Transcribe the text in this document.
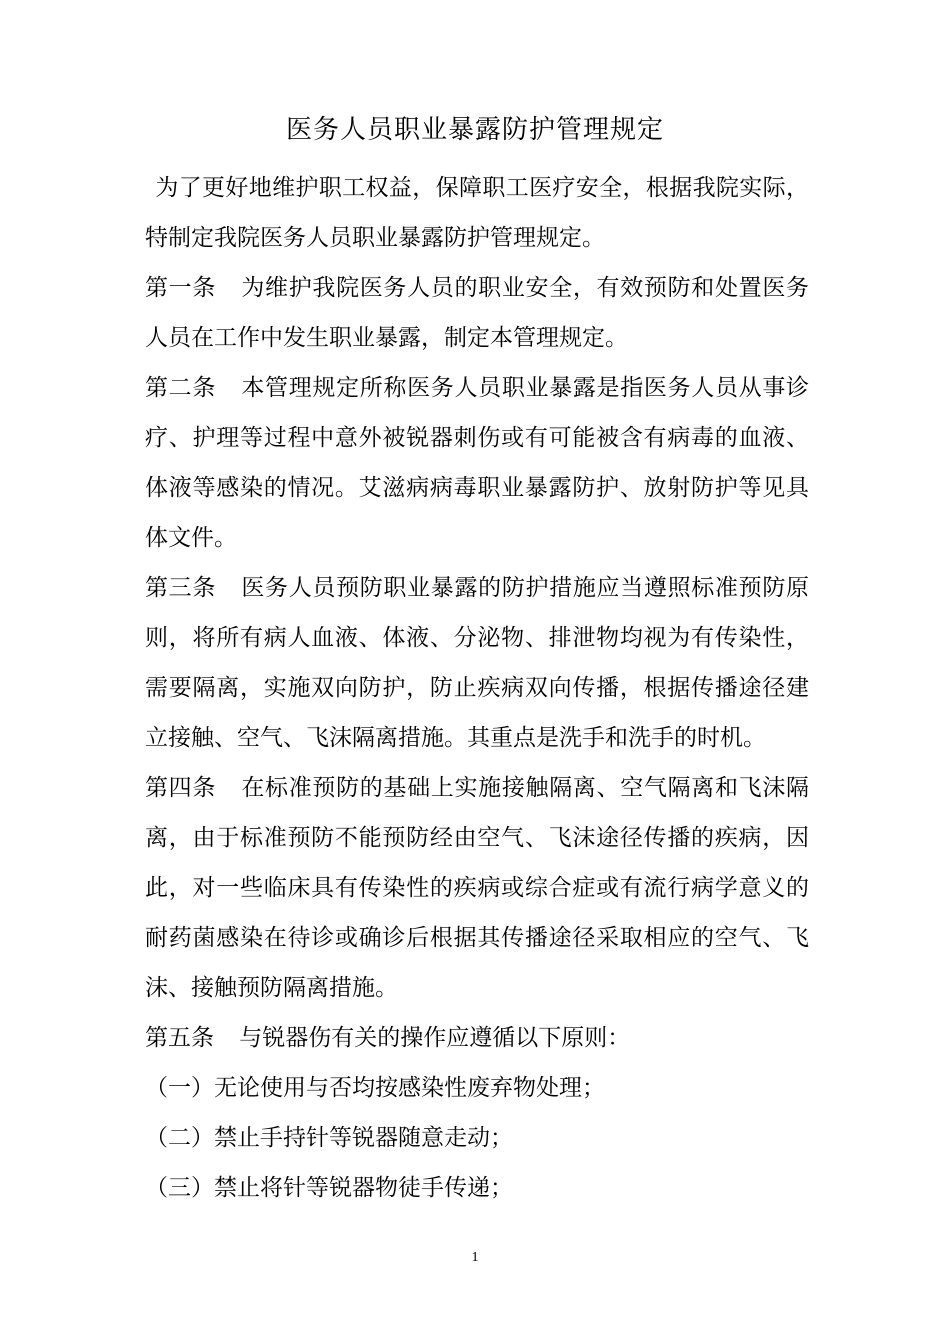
医务人员职业暴露防护管理规定

为了更好地维护职工权益，保障职工医疗安全，根据我院实际，特制定我院医务人员职业暴露防护管理规定。

第一条 为维护我院医务人员的职业安全，有效预防和处置医务人员在工作中发生职业暴露，制定本管理规定。

第二条 本管理规定所称医务人员职业暴露是指医务人员从事诊疗、护理等过程中意外被锐器刺伤或有可能被含有病毒的血液、体液等感染的情况。艾滋病病毒职业暴露防护、放射防护等见具体文件。

第三条 医务人员预防职业暴露的防护措施应当遵照标准预防原则，将所有病人血液、体液、分泌物、排泄物均视为有传染性，需要隔离，实施双向防护，防止疾病双向传播，根据传播途径建立接触、空气、飞沫隔离措施。其重点是洗手和洗手的时机。

第四条 在标准预防的基础上实施接触隔离、空气隔离和飞沫隔离，由于标准预防不能预防经由空气、飞沫途径传播的疾病，因此，对一些临床具有传染性的疾病或综合症或有流行病学意义的耐药菌感染在待诊或确诊后根据其传播途径采取相应的空气、飞沫、接触预防隔离措施。

第五条 与锐器伤有关的操作应遵循以下原则：

（一）无论使用与否均按感染性废弃物处理；

（二）禁止手持针等锐器随意走动；

（三）禁止将针等锐器物徒手传递；

1
